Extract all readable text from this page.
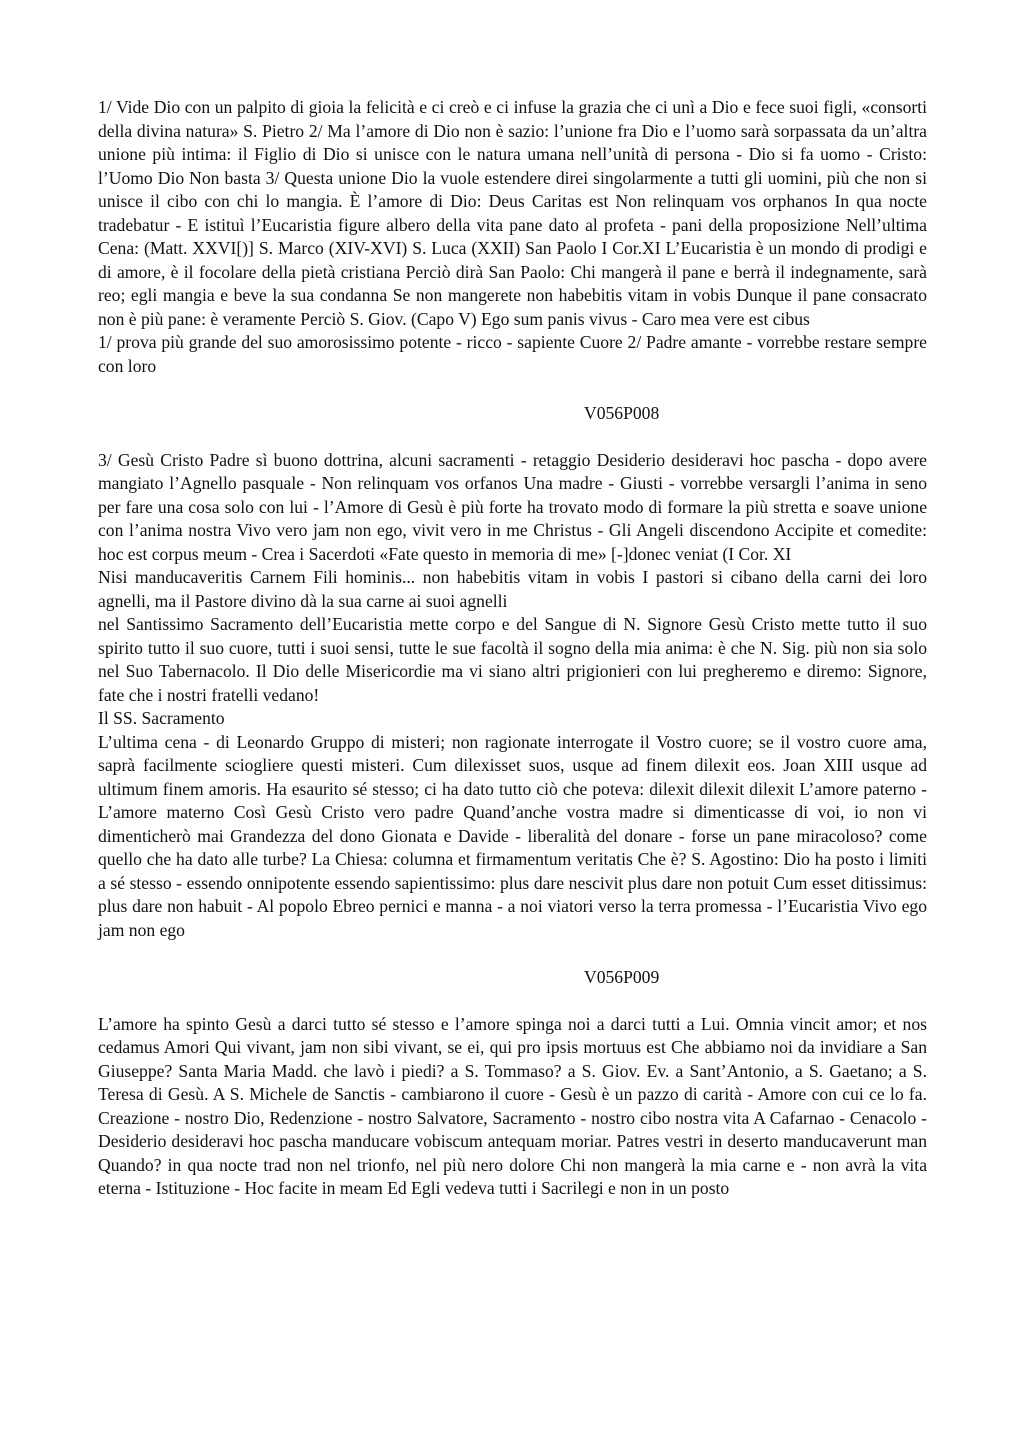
1/ Vide Dio con un palpito di gioia la felicità e ci creò e ci infuse la grazia che ci unì a Dio e fece suoi figli, «consorti della divina natura» S. Pietro 2/ Ma l’amore di Dio non è sazio: l’unione fra Dio e l’uomo sarà sorpassata da un’altra unione più intima: il Figlio di Dio si unisce con le natura umana nell’unità di persona - Dio si fa uomo - Cristo: l’Uomo Dio Non basta 3/ Questa unione Dio la vuole estendere direi singolarmente a tutti gli uomini, più che non si unisce il cibo con chi lo mangia. È l’amore di Dio: Deus Caritas est Non relinquam vos orphanos In qua nocte tradebatur - E istituì l’Eucaristia figure albero della vita pane dato al profeta - pani della proposizione Nell’ultima Cena: (Matt. XXVI[)] S. Marco (XIV-XVI) S. Luca (XXII) San Paolo I Cor.XI L’Eucaristia è un mondo di prodigi e di amore, è il focolare della pietà cristiana Perciò dirà San Paolo: Chi mangerà il pane e berrà il indegnamente, sarà reo; egli mangia e beve la sua condanna Se non mangerete non habebitis vitam in vobis Dunque il pane consacrato non è più pane: è veramente Perciò S. Giov. (Capo V) Ego sum panis vivus - Caro mea vere est cibus

1/ prova più grande del suo amorosissimo potente - ricco - sapiente Cuore 2/ Padre amante - vorrebbe restare sempre con loro

V056P008

3/ Gesù Cristo Padre sì buono dottrina, alcuni sacramenti - retaggio Desiderio desideravi hoc pascha - dopo avere mangiato l’Agnello pasquale - Non relinquam vos orfanos Una madre - Giusti - vorrebbe versargli l’anima in seno per fare una cosa solo con lui - l’Amore di Gesù è più forte ha trovato modo di formare la più stretta e soave unione con l’anima nostra Vivo vero jam non ego, vivit vero in me Christus - Gli Angeli discendono Accipite et comedite: hoc est corpus meum - Crea i Sacerdoti «Fate questo in memoria di me» [-]donec veniat (I Cor. XI

Nisi manducaveritis Carnem Fili hominis... non habebitis vitam in vobis I pastori si cibano della carni dei loro agnelli, ma il Pastore divino dà la sua carne ai suoi agnelli

nel Santissimo Sacramento dell’Eucaristia mette corpo e del Sangue di N. Signore Gesù Cristo mette tutto il suo spirito tutto il suo cuore, tutti i suoi sensi, tutte le sue facoltà il sogno della mia anima: è che N. Sig. più non sia solo nel Suo Tabernacolo. Il Dio delle Misericordie ma vi siano altri prigionieri con lui pregheremo e diremo: Signore, fate che i nostri fratelli vedano!

Il SS. Sacramento

L’ultima cena - di Leonardo Gruppo di misteri; non ragionate interrogate il Vostro cuore; se il vostro cuore ama, saprà facilmente sciogliere questi misteri. Cum dilexisset suos, usque ad finem dilexit eos. Joan XIII usque ad ultimum finem amoris. Ha esaurito sé stesso; ci ha dato tutto ciò che poteva: dilexit dilexit dilexit L’amore paterno - L’amore materno Così Gesù Cristo vero padre Quand’anche vostra madre si dimenticasse di voi, io non vi dimenticherò mai Grandezza del dono Gionata e Davide - liberalità del donare - forse un pane miracoloso? come quello che ha dato alle turbe? La Chiesa: columna et firmamentum veritatis Che è? S. Agostino: Dio ha posto i limiti a sé stesso - essendo onnipotente essendo sapientissimo: plus dare nescivit plus dare non potuit Cum esset ditissimus: plus dare non habuit - Al popolo Ebreo pernici e manna - a noi viatori verso la terra promessa - l’Eucaristia Vivo ego jam non ego

V056P009

L’amore ha spinto Gesù a darci tutto sé stesso e l’amore spinga noi a darci tutti a Lui. Omnia vincit amor; et nos cedamus Amori Qui vivant, jam non sibi vivant, se ei, qui pro ipsis mortuus est Che abbiamo noi da invidiare a San Giuseppe? Santa Maria Madd. che lavò i piedi? a S. Tommaso? a S. Giov. Ev. a Sant’Antonio, a S. Gaetano; a S. Teresa di Gesù. A S. Michele de Sanctis - cambiarono il cuore - Gesù è un pazzo di carità - Amore con cui ce lo fa. Creazione - nostro Dio, Redenzione - nostro Salvatore, Sacramento - nostro cibo nostra vita A Cafarnao - Cenacolo - Desiderio desideravi hoc pascha manducare vobiscum antequam moriar. Patres vestri in deserto manducaverunt man Quando? in qua nocte trad non nel trionfo, nel più nero dolore Chi non mangerà la mia carne e - non avrà la vita eterna - Istituzione - Hoc facite in meam Ed Egli vedeva tutti i Sacrilegi e non in un posto
